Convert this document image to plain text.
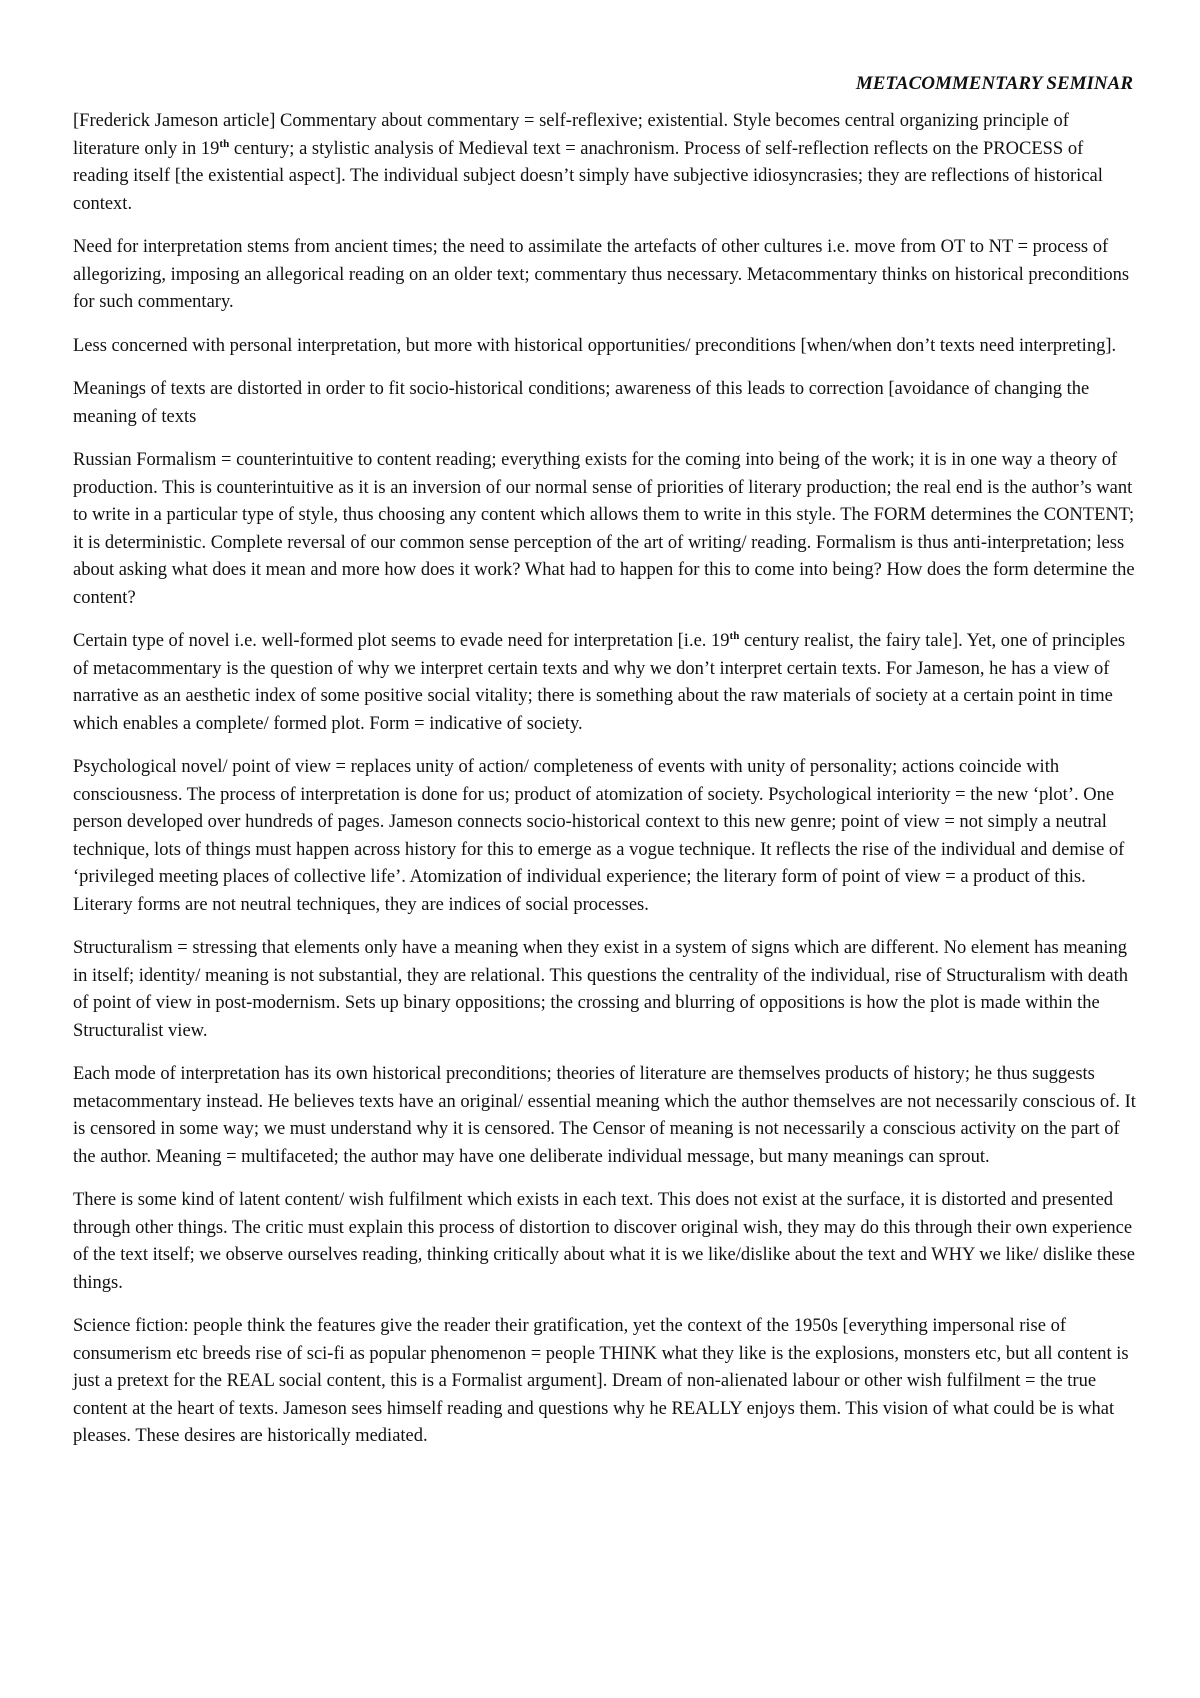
METACOMMENTARY SEMINAR

[Frederick Jameson article] Commentary about commentary = self-reflexive; existential. Style becomes central organizing principle of literature only in 19th century; a stylistic analysis of Medieval text = anachronism. Process of self-reflection reflects on the PROCESS of reading itself [the existential aspect]. The individual subject doesn’t simply have subjective idiosyncrasies; they are reflections of historical context.

Need for interpretation stems from ancient times; the need to assimilate the artefacts of other cultures i.e. move from OT to NT = process of allegorizing, imposing an allegorical reading on an older text; commentary thus necessary. Metacommentary thinks on historical preconditions for such commentary.

Less concerned with personal interpretation, but more with historical opportunities/ preconditions [when/when don’t texts need interpreting].

Meanings of texts are distorted in order to fit socio-historical conditions; awareness of this leads to correction [avoidance of changing the meaning of texts

Russian Formalism = counterintuitive to content reading; everything exists for the coming into being of the work; it is in one way a theory of production. This is counterintuitive as it is an inversion of our normal sense of priorities of literary production; the real end is the author’s want to write in a particular type of style, thus choosing any content which allows them to write in this style. The FORM determines the CONTENT; it is deterministic. Complete reversal of our common sense perception of the art of writing/ reading. Formalism is thus anti-interpretation; less about asking what does it mean and more how does it work? What had to happen for this to come into being? How does the form determine the content?

Certain type of novel i.e. well-formed plot seems to evade need for interpretation [i.e. 19th century realist, the fairy tale]. Yet, one of principles of metacommentary is the question of why we interpret certain texts and why we don’t interpret certain texts. For Jameson, he has a view of narrative as an aesthetic index of some positive social vitality; there is something about the raw materials of society at a certain point in time which enables a complete/ formed plot. Form = indicative of society.

Psychological novel/ point of view = replaces unity of action/ completeness of events with unity of personality; actions coincide with consciousness. The process of interpretation is done for us; product of atomization of society. Psychological interiority = the new ‘plot’. One person developed over hundreds of pages. Jameson connects socio-historical context to this new genre; point of view = not simply a neutral technique, lots of things must happen across history for this to emerge as a vogue technique. It reflects the rise of the individual and demise of ‘privileged meeting places of collective life’. Atomization of individual experience; the literary form of point of view = a product of this. Literary forms are not neutral techniques, they are indices of social processes.

Structuralism = stressing that elements only have a meaning when they exist in a system of signs which are different. No element has meaning in itself; identity/ meaning is not substantial, they are relational. This questions the centrality of the individual, rise of Structuralism with death of point of view in post-modernism. Sets up binary oppositions; the crossing and blurring of oppositions is how the plot is made within the Structuralist view.

Each mode of interpretation has its own historical preconditions; theories of literature are themselves products of history; he thus suggests metacommentary instead. He believes texts have an original/ essential meaning which the author themselves are not necessarily conscious of. It is censored in some way; we must understand why it is censored. The Censor of meaning is not necessarily a conscious activity on the part of the author. Meaning = multifaceted; the author may have one deliberate individual message, but many meanings can sprout.

There is some kind of latent content/ wish fulfilment which exists in each text. This does not exist at the surface, it is distorted and presented through other things. The critic must explain this process of distortion to discover original wish, they may do this through their own experience of the text itself; we observe ourselves reading, thinking critically about what it is we like/dislike about the text and WHY we like/ dislike these things.

Science fiction: people think the features give the reader their gratification, yet the context of the 1950s [everything impersonal rise of consumerism etc breeds rise of sci-fi as popular phenomenon = people THINK what they like is the explosions, monsters etc, but all content is just a pretext for the REAL social content, this is a Formalist argument]. Dream of non-alienated labour or other wish fulfilment = the true content at the heart of texts. Jameson sees himself reading and questions why he REALLY enjoys them. This vision of what could be is what pleases. These desires are historically mediated.
